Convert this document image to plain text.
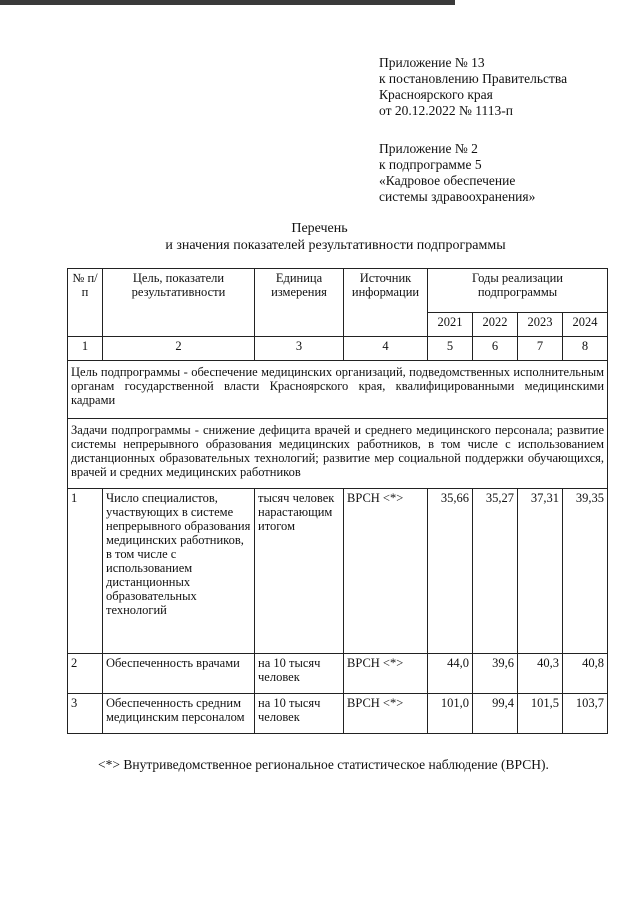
Приложение № 13
к постановлению Правительства
Красноярского края
от 20.12.2022 № 1113-п
Приложение № 2
к подпрограмме 5
«Кадровое обеспечение
системы здравоохранения»
Перечень
и значения показателей результативности подпрограммы
№ п/п	Цель, показатели результативности	Единица измерения	Источник информации	Годы реализации подпрограммы			
				2021	2022	2023	2024
1	2	3	4	5	6	7	8
Цель подпрограммы - обеспечение медицинских организаций, подведомственных исполнительным органам государственной власти Красноярского края, квалифицированными медицинскими кадрами							
Задачи подпрограммы - снижение дефицита врачей и среднего медицинского персонала; развитие системы непрерывного образования медицинских работников, в том числе с использованием дистанционных образовательных технологий; развитие мер социальной поддержки обучающихся, врачей и средних медицинских работников							
1	Число специалистов, участвующих в системе непрерывного образования медицинских работников, в том числе с использованием дистанционных образовательных технологий	тысяч человек нарастающим итогом	ВРСН <*>	35,66	35,27	37,31	39,35
2	Обеспеченность врачами	на 10 тысяч человек	ВРСН <*>	44,0	39,6	40,3	40,8
3	Обеспеченность средним медицинским персоналом	на 10 тысяч человек	ВРСН <*>	101,0	99,4	101,5	103,7
<*> Внутриведомственное региональное статистическое наблюдение (ВРСН).
